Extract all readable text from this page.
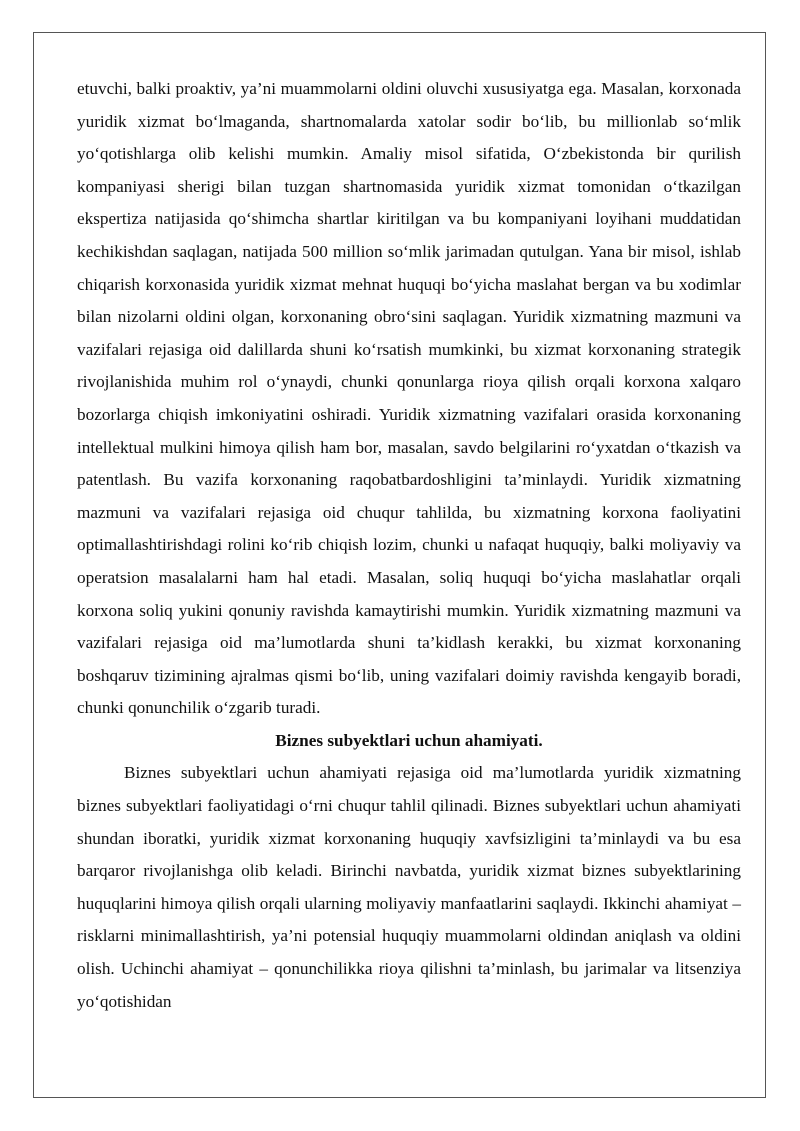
etuvchi, balki proaktiv, ya’ni muammolarni oldini oluvchi xususiyatga ega. Masalan, korxonada yuridik xizmat bo‘lmaganda, shartnomalarda xatolar sodir bo‘lib, bu millionlab so‘mlik yo‘qotishlarga olib kelishi mumkin. Amaliy misol sifatida, O‘zbekistonda bir qurilish kompaniyasi sherigi bilan tuzgan shartnomasida yuridik xizmat tomonidan o‘tkazilgan ekspertiza natijasida qo‘shimcha shartlar kiritilgan va bu kompaniyani loyihani muddatidan kechikishdan saqlagan, natijada 500 million so‘mlik jarimadan qutulgan. Yana bir misol, ishlab chiqarish korxonasida yuridik xizmat mehnat huquqi bo‘yicha maslahat bergan va bu xodimlar bilan nizolarni oldini olgan, korxonaning obro‘sini saqlagan. Yuridik xizmatning mazmuni va vazifalari rejasiga oid dalillarda shuni ko‘rsatish mumkinki, bu xizmat korxonaning strategik rivojlanishida muhim rol o‘ynaydi, chunki qonunlarga rioya qilish orqali korxona xalqaro bozorlarga chiqish imkoniyatini oshiradi. Yuridik xizmatning vazifalari orasida korxonaning intellektual mulkini himoya qilish ham bor, masalan, savdo belgilarini ro‘yxatdan o‘tkazish va patentlash. Bu vazifa korxonaning raqobatbardoshligini ta’minlaydi. Yuridik xizmatning mazmuni va vazifalari rejasiga oid chuqur tahlilda, bu xizmatning korxona faoliyatini optimallashtirishdagi rolini ko‘rib chiqish lozim, chunki u nafaqat huquqiy, balki moliyaviy va operatsion masalalarni ham hal etadi. Masalan, soliq huquqi bo‘yicha maslahatlar orqali korxona soliq yukini qonuniy ravishda kamaytirishi mumkin. Yuridik xizmatning mazmuni va vazifalari rejasiga oid ma’lumotlarda shuni ta’kidlash kerakki, bu xizmat korxonaning boshqaruv tizimining ajralmas qismi bo‘lib, uning vazifalari doimiy ravishda kengayib boradi, chunki qonunchilik o‘zgarib turadi.

Biznes subyektlari uchun ahamiyati.

Biznes subyektlari uchun ahamiyati rejasiga oid ma’lumotlarda yuridik xizmatning biznes subyektlari faoliyatidagi o‘rni chuqur tahlil qilinadi. Biznes subyektlari uchun ahamiyati shundan iboratki, yuridik xizmat korxonaning huquqiy xavfsizligini ta’minlaydi va bu esa barqaror rivojlanishga olib keladi. Birinchi navbatda, yuridik xizmat biznes subyektlarining huquqlarini himoya qilish orqali ularning moliyaviy manfaatlarini saqlaydi. Ikkinchi ahamiyat – risklarni minimallashtirish, ya’ni potensial huquqiy muammolarni oldindan aniqlash va oldini olish. Uchinchi ahamiyat – qonunchilikka rioya qilishni ta’minlash, bu jarimalar va litsenziya yo‘qotishidan
